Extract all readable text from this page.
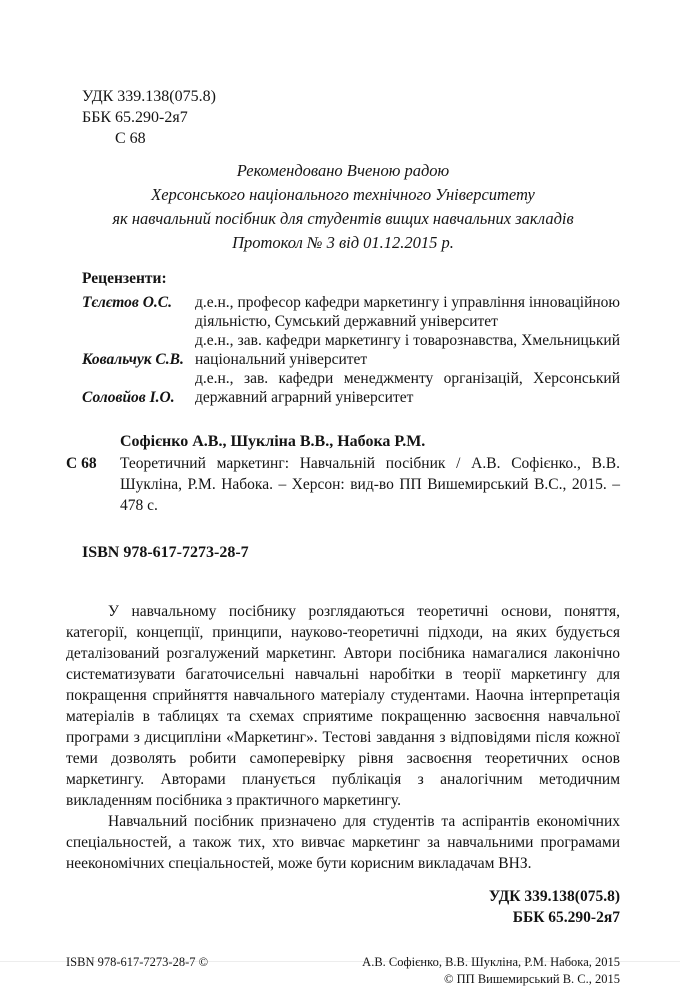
УДК 339.138(075.8)
ББК 65.290-2я7
С 68
Рекомендовано Вченою радою
Херсонського національного технічного Університету
як навчальний посібник для студентів вищих навчальних закладів
Протокол № 3 від 01.12.2015 р.
Рецензенти:
Тєлєтов О.С.
Ковальчук С.В.
Соловйов І.О.
д.е.н., професор кафедри маркетингу і управління інноваційною діяльністю, Сумський державний університет
д.е.н., зав. кафедри маркетингу і товарознавства, Хмельницький національний університет
д.е.н., зав. кафедри менеджменту організацій, Херсонський державний аграрний університет
Софієнко А.В., Шукліна В.В., Набока Р.М.
С 68 Теоретичний маркетинг: Навчальній посібник / А.В. Софієнко., В.В. Шукліна, Р.М. Набока. – Херсон: вид-во ПП Вишемирський В.С., 2015. – 478 с.
ISBN 978-617-7273-28-7

У навчальному посібнику розглядаються теоретичні основи, поняття, категорії, концепції, принципи, науково-теоретичні підходи, на яких будується деталізований розгалужений маркетинг. Автори посібника намагалися лаконічно систематизувати багаточисельні навчальні наробітки в теорії маркетингу для покращення сприйняття навчального матеріалу студентами. Наочна інтерпретація матеріалів в таблицях та схемах сприятиме покращенню засвоєння навчальної програми з дисципліни «Маркетинг». Тестові завдання з відповідями після кожної теми дозволять робити самоперевірку рівня засвоєння теоретичних основ маркетингу. Авторами планується публікація з аналогічним методичним викладенням посібника з практичного маркетингу.

Навчальний посібник призначено для студентів та аспірантів економічних спеціальностей, а також тих, хто вивчає маркетинг за навчальними програмами неекономічних спеціальностей, може бути корисним викладачам ВНЗ.

УДК 339.138(075.8)
ББК 65.290-2я7
ISBN 978-617-7273-28-7 ©	А.В. Софієнко, В.В. Шукліна, Р.М. Набока, 2015
© ПП Вишемирський В. С., 2015
